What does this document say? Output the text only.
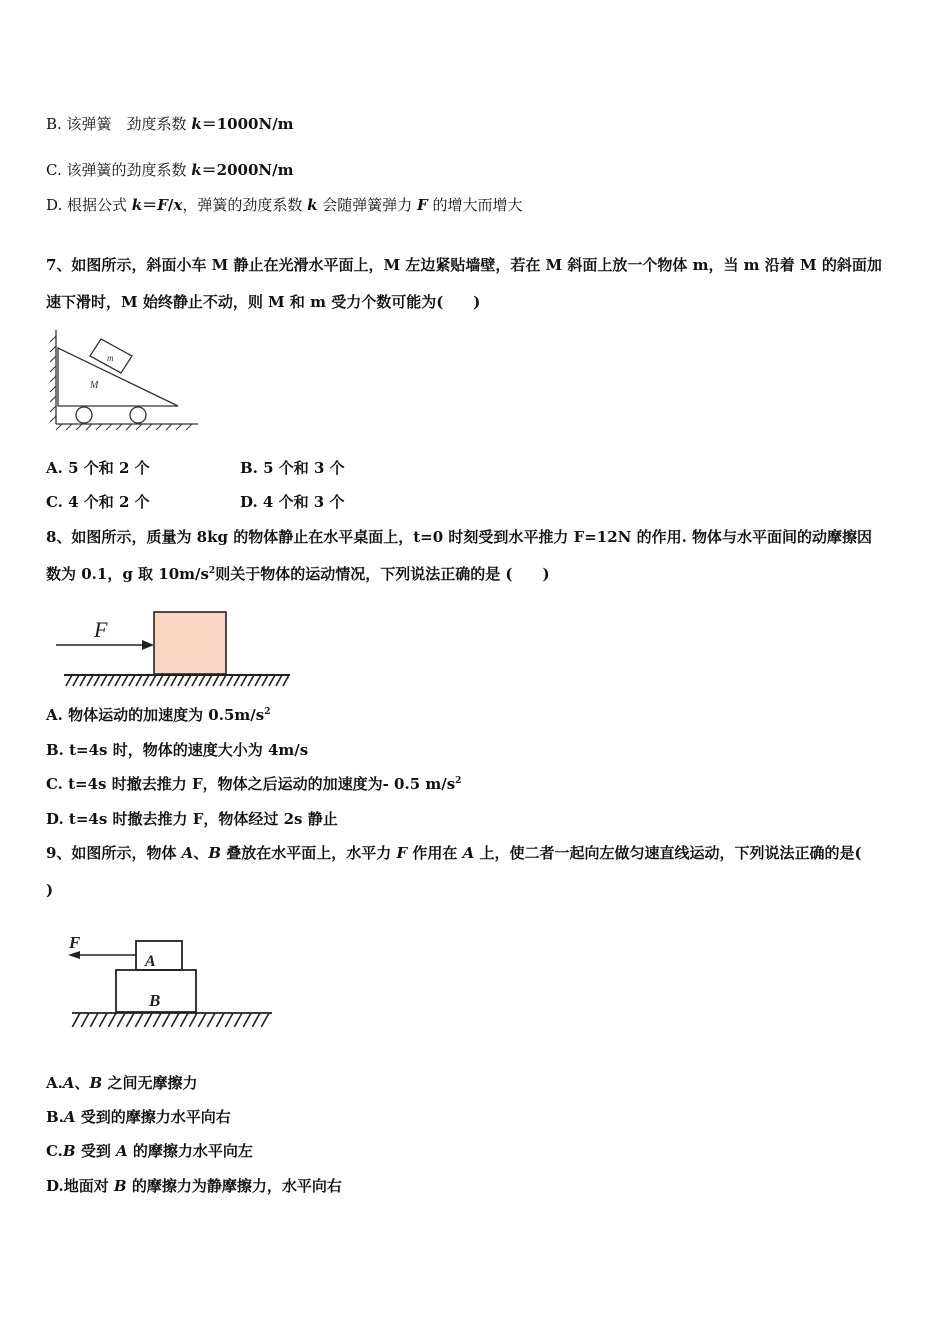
B. 该弹簧　劲度系数 k＝1000N/m
C. 该弹簧的劲度系数 k＝2000N/m
D. 根据公式 k＝F/x，弹簧的劲度系数 k 会随弹簧弹力 F 的增大而增大
7、如图所示，斜面小车 M 静止在光滑水平面上，M 左边紧贴墙壁，若在 M 斜面上放一个物体 m，当 m 沿着 M 的斜面加
速下滑时，M 始终静止不动，则 M 和 m 受力个数可能为(　　)
m
M
A. 5 个和 2 个	B. 5 个和 3 个
C. 4 个和 2 个	D. 4 个和 3 个
8、如图所示，质量为 8kg 的物体静止在水平桌面上，t=0 时刻受到水平推力 F=12N 的作用. 物体与水平面间的动摩擦因
数为 0.1，g 取 $10m/s^2$则关于物体的运动情况，下列说法正确的是 (　　)
F
A. 物体运动的加速度为 $0.5m/s^2$
B. t=4s 时，物体的速度大小为 4m/s
C. t=4s 时撤去推力 F，物体之后运动的加速度为- 0.5 $m/s^2$
D. t=4s 时撤去推力 F，物体经过 2s 静止
9、如图所示，物体 A、B 叠放在水平面上，水平力 F 作用在 A 上，使二者一起向左做匀速直线运动，下列说法正确的是(
)
F
A
B
A.A、B 之间无摩擦力
B.A 受到的摩擦力水平向右
C.B 受到 A 的摩擦力水平向左
D.地面对 B 的摩擦力为静摩擦力，水平向右
